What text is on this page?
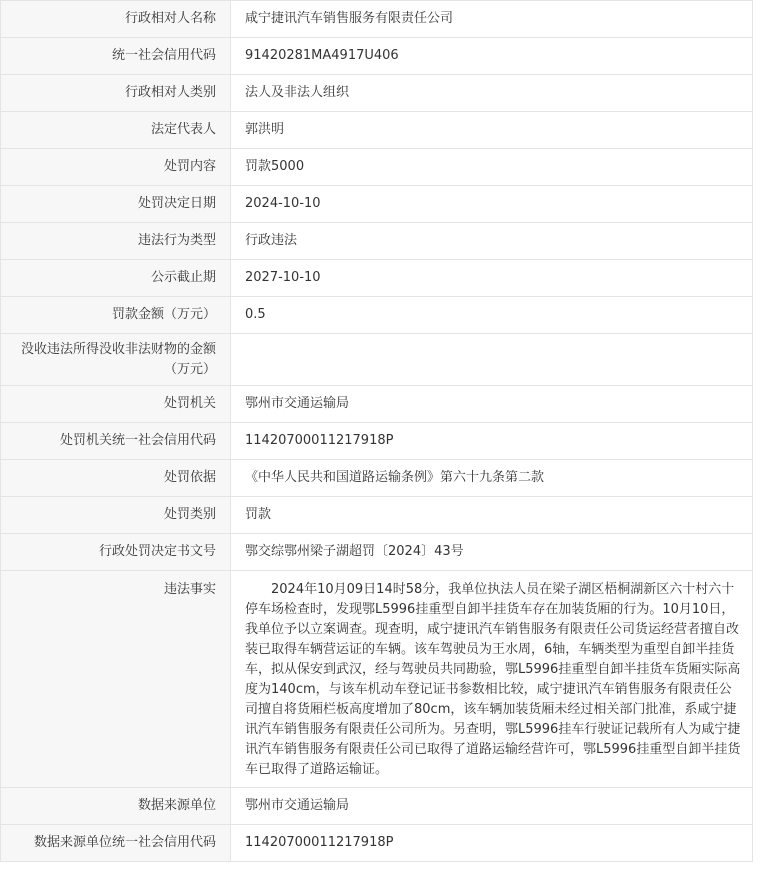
行政相对人名称	咸宁捷讯汽车销售服务有限责任公司
统一社会信用代码	91420281MA4917U406
行政相对人类别	法人及非法人组织
法定代表人	郭洪明
处罚内容	罚款5000
处罚决定日期	2024-10-10
违法行为类型	行政违法
公示截止期	2027-10-10
罚款金额（万元）	0.5
没收违法所得没收非法财物的金额（万元）	
处罚机关	鄂州市交通运输局
处罚机关统一社会信用代码	11420700011217918P
处罚依据	《中华人民共和国道路运输条例》第六十九条第二款
处罚类别	罚款
行政处罚决定书文号	鄂交综鄂州梁子湖超罚〔2024〕43号
违法事实	2024年10月09日14时58分，我单位执法人员在梁子湖区梧桐湖新区六十村六十停车场检查时，发现鄂L5996挂重型自卸半挂货车存在加装货厢的行为。10月10日，我单位予以立案调查。现查明，咸宁捷讯汽车销售服务有限责任公司货运经营者擅自改装已取得车辆营运证的车辆。该车驾驶员为王水周，6轴，车辆类型为重型自卸半挂货车，拟从保安到武汉，经与驾驶员共同勘验，鄂L5996挂重型自卸半挂货车货厢实际高度为140cm，与该车机动车登记证书参数相比较，咸宁捷讯汽车销售服务有限责任公司擅自将货厢栏板高度增加了80cm，该车辆加装货厢未经过相关部门批准，系咸宁捷讯汽车销售服务有限责任公司所为。另查明，鄂L5996挂车行驶证记载所有人为咸宁捷讯汽车销售服务有限责任公司已取得了道路运输经营许可，鄂L5996挂重型自卸半挂货车已取得了道路运输证。
数据来源单位	鄂州市交通运输局
数据来源单位统一社会信用代码	11420700011217918P
